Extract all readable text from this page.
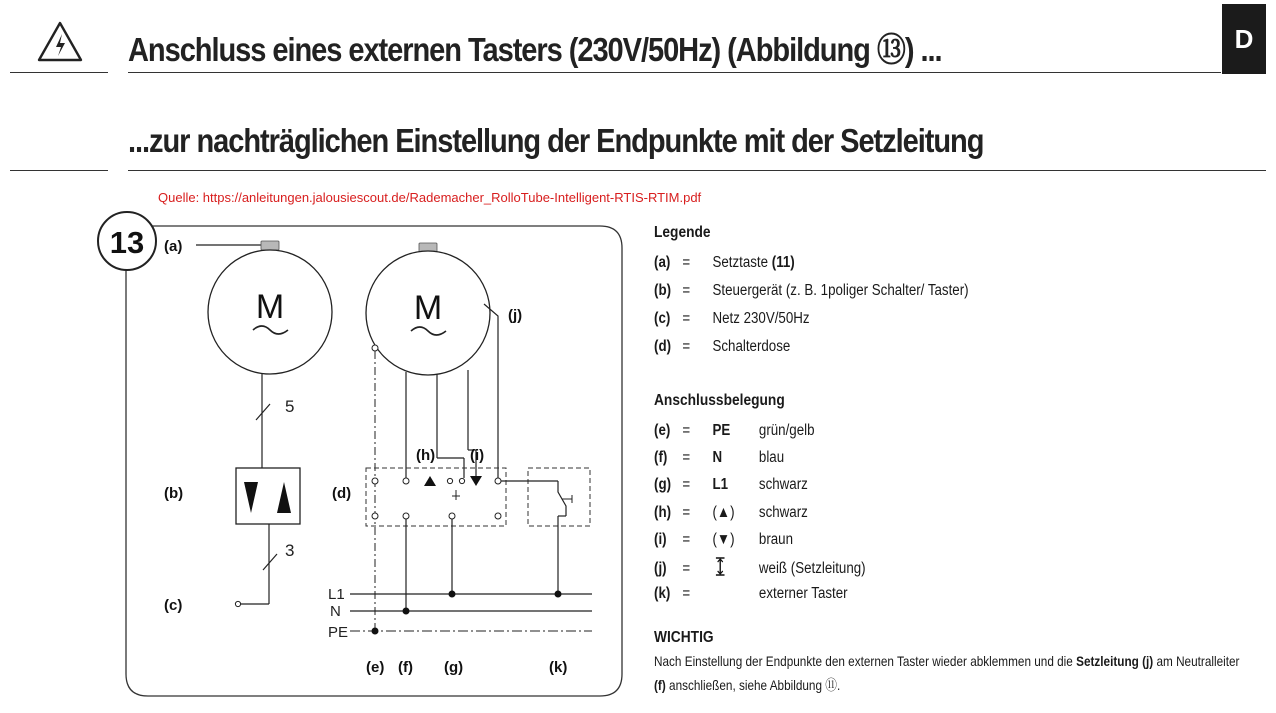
Anschluss eines externen Tasters (230V/50Hz) (Abbildung ⑬) ...	D
...zur nachträglichen Einstellung der Endpunkte mit der Setzleitung
Quelle: https://anleitungen.jalousiescout.de/Rademacher_RolloTube-Intelligent-RTIS-RTIM.pdf
13 (a)
M
5
(b)
3
(c)
M	(j)
(d)
(h) (i)
L1
N
PE
(e) (f) (g)	(k)
Legende
(a) = Setztaste (11)
(b) = Steuergerät (z. B. 1poliger Schalter/ Taster)
(c) = Netz 230V/50Hz
(d) = Schalterdose
Anschlussbelegung
(e) = PE grün/gelb
(f) = N blau
(g) = L1 schwarz
(h) = (▲) schwarz
(i) = (▼) braun
(j) =	weiß (Setzleitung)
(k) =	externer Taster
WICHTIG
Nach Einstellung der Endpunkte den externen Taster wieder abklemmen und die Setzleitung (j) am Neutralleiter
(f) anschließen, siehe Abbildung ⑪.
